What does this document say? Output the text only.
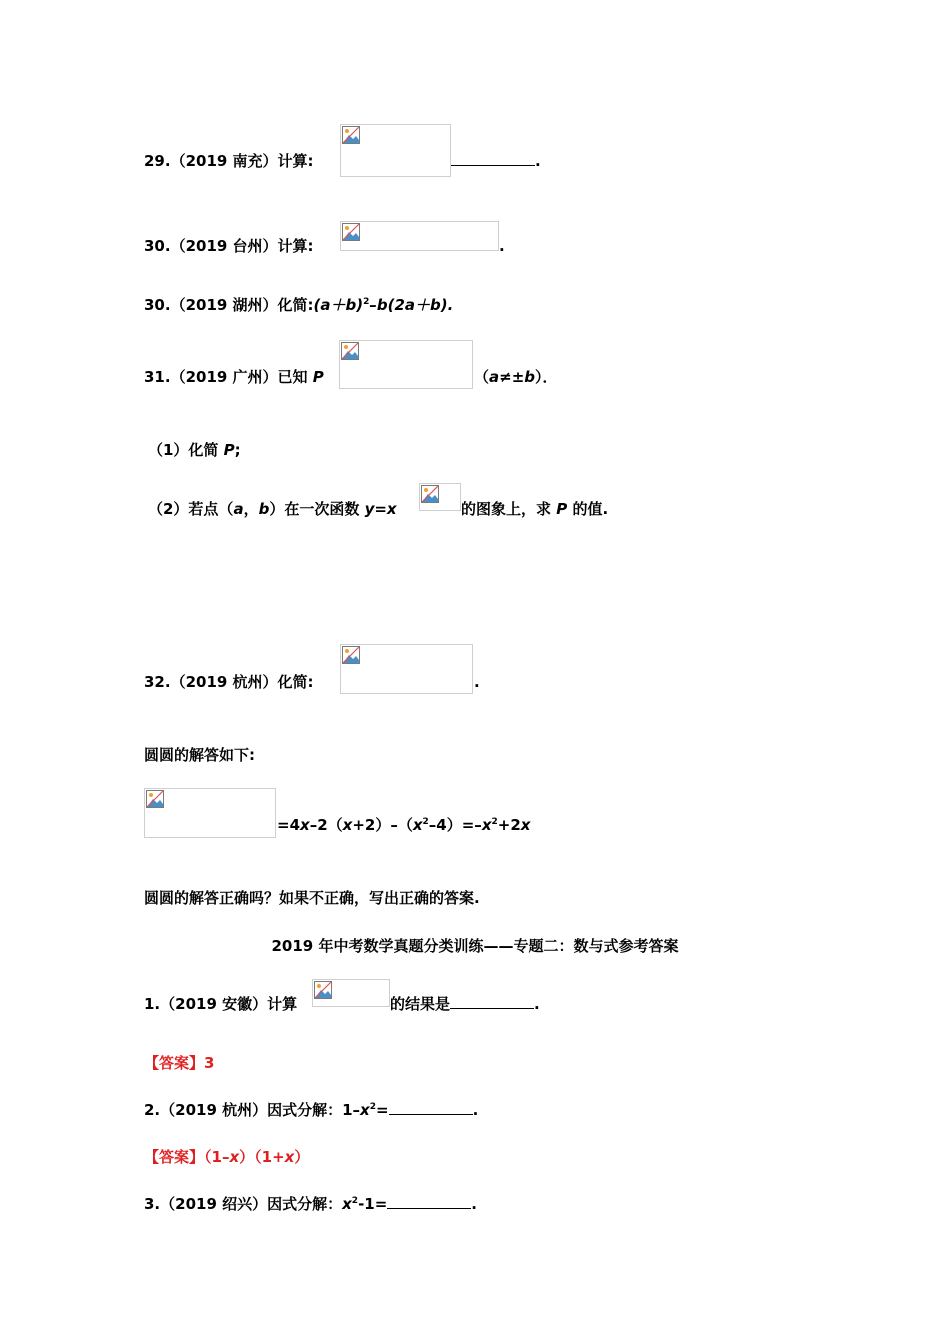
29.（2019 南充）计算:	.
30.（2019 台州）计算:	.
30.（2019 湖州）化简$:(a+b)^2-b(2a+b)$.
31.（2019 广州）已知 P	（a≠±b）．
（1）化简 P;
（2）若点（a，b）在一次函数 y=x	的图象上，求 P 的值.
32.（2019 杭州）化简:	.
圆圆的解答如下:
$=4x-2(x+2)-(x^2-4)=-x^2+2x$
圆圆的解答正确吗？如果不正确，写出正确的答案.
2019 年中考数学真题分类训练——专题二：数与式参考答案
1.（2019 安徽）计算	的结果是	.
【答案】3
2.（2019 杭州）因式分解：$1-x^2=$	.
【答案】（1–x）（1+x）
3.（2019 绍兴）因式分解：$x^2-1=$	.
